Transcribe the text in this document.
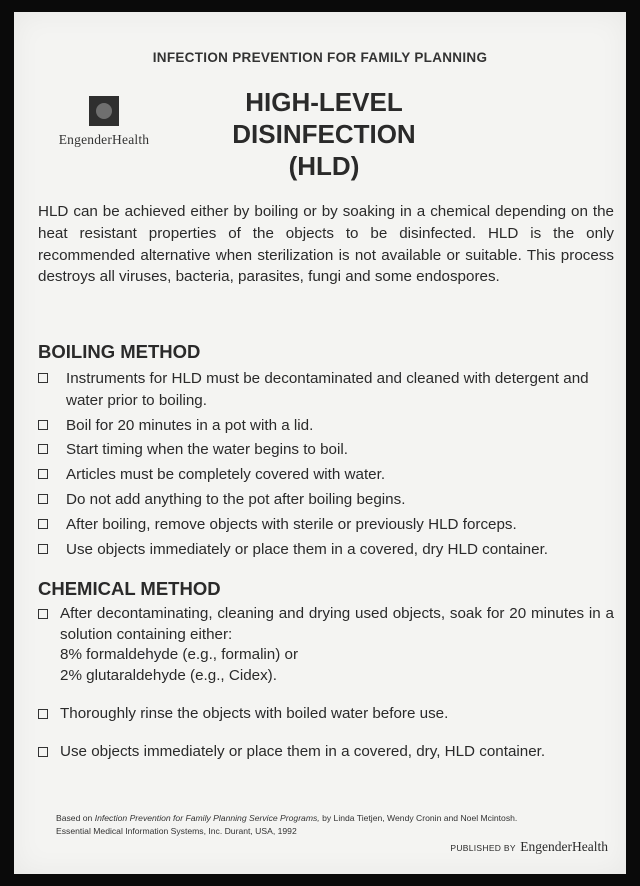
INFECTION PREVENTION FOR FAMILY PLANNING
EngenderHealth
HIGH-LEVEL
DISINFECTION
(HLD)
HLD can be achieved either by boiling or by soaking in a chemical depending on the heat resistant properties of the objects to be disinfected. HLD is the only recommended alternative when sterilization is not available or suitable. This process destroys all viruses, bacteria, parasites, fungi and some endospores.
BOILING METHOD
Instruments for HLD must be decontaminated and cleaned with detergent and water prior to boiling.
Boil for 20 minutes in a pot with a lid.
Start timing when the water begins to boil.
Articles must be completely covered with water.
Do not add anything to the pot after boiling begins.
After boiling, remove objects with sterile or previously HLD forceps.
Use objects immediately or place them in a covered, dry HLD container.
CHEMICAL METHOD
After decontaminating, cleaning and drying used objects, soak for 20 minutes in a solution containing either:
8% formaldehyde (e.g., formalin) or
2% glutaraldehyde (e.g., Cidex).
Thoroughly rinse the objects with boiled water before use.
Use objects immediately or place them in a covered, dry, HLD container.
Based on Infection Prevention for Family Planning Service Programs, by Linda Tietjen, Wendy Cronin and Noel Mcintosh.
Essential Medical Information Systems, Inc. Durant, USA, 1992
PUBLISHED BY EngenderHealth
